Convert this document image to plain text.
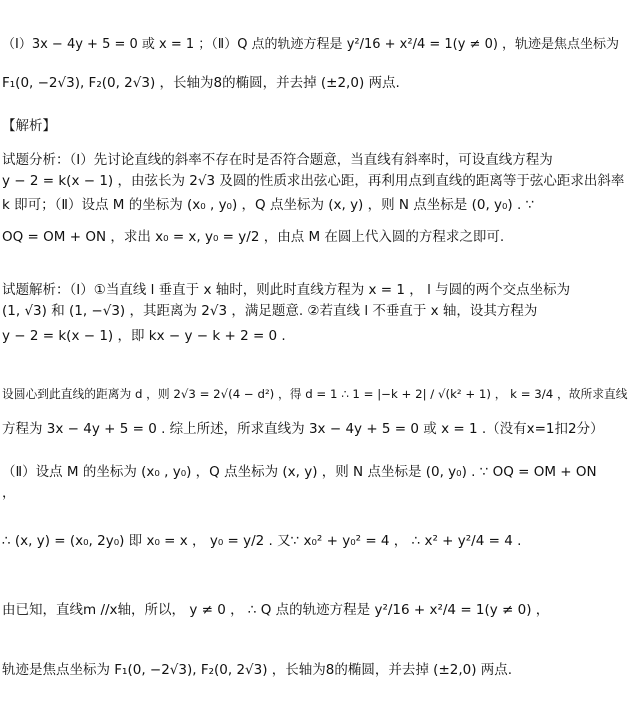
（Ⅰ）3x − 4y + 5 = 0 或 x = 1 ；（Ⅱ）Q 点的轨迹方程是 y²/16 + x²/4 = 1(y ≠ 0) ，轨迹是焦点坐标为
F₁(0, −2√3), F₂(0, 2√3) ，长轴为8的椭圆，并去掉 (±2,0) 两点.
【解析】
试题分析：（Ⅰ）先讨论直线的斜率不存在时是否符合题意，当直线有斜率时，可设直线方程为
y − 2 = k(x − 1) ，由弦长为 2√3 及圆的性质求出弦心距，再利用点到直线的距离等于弦心距求出斜率
k 即可；（Ⅱ）设点 M 的坐标为 (x₀ , y₀) ，Q 点坐标为 (x, y) ，则 N 点坐标是 (0, y₀) . ∵
OQ = OM + ON ，求出 x₀ = x, y₀ = y/2 ，由点 M 在圆上代入圆的方程求之即可.
试题解析：（Ⅰ）①当直线 l 垂直于 x 轴时，则此时直线方程为 x = 1 ， l 与圆的两个交点坐标为
(1, √3) 和 (1, −√3) ，其距离为 2√3 ，满足题意. ②若直线 l 不垂直于 x 轴，设其方程为
y − 2 = k(x − 1) ，即 kx − y − k + 2 = 0 .
设圆心到此直线的距离为 d ，则 2√3 = 2√(4 − d²) ，得 d = 1 ∴ 1 = |−k + 2| / √(k² + 1) ， k = 3/4 ，故所求直线
方程为 3x − 4y + 5 = 0 . 综上所述，所求直线为 3x − 4y + 5 = 0 或 x = 1 .（没有x=1扣2分）
（Ⅱ）设点 M 的坐标为 (x₀ , y₀) ，Q 点坐标为 (x, y) ，则 N 点坐标是 (0, y₀) . ∵ OQ = OM + ON
，
∴ (x, y) = (x₀, 2y₀) 即 x₀ = x ， y₀ = y/2 . 又∵ x₀² + y₀² = 4 ， ∴ x² + y²/4 = 4 .
由已知，直线m //x轴，所以， y ≠ 0 ， ∴ Q 点的轨迹方程是 y²/16 + x²/4 = 1(y ≠ 0) ，
轨迹是焦点坐标为 F₁(0, −2√3), F₂(0, 2√3) ，长轴为8的椭圆，并去掉 (±2,0) 两点.
